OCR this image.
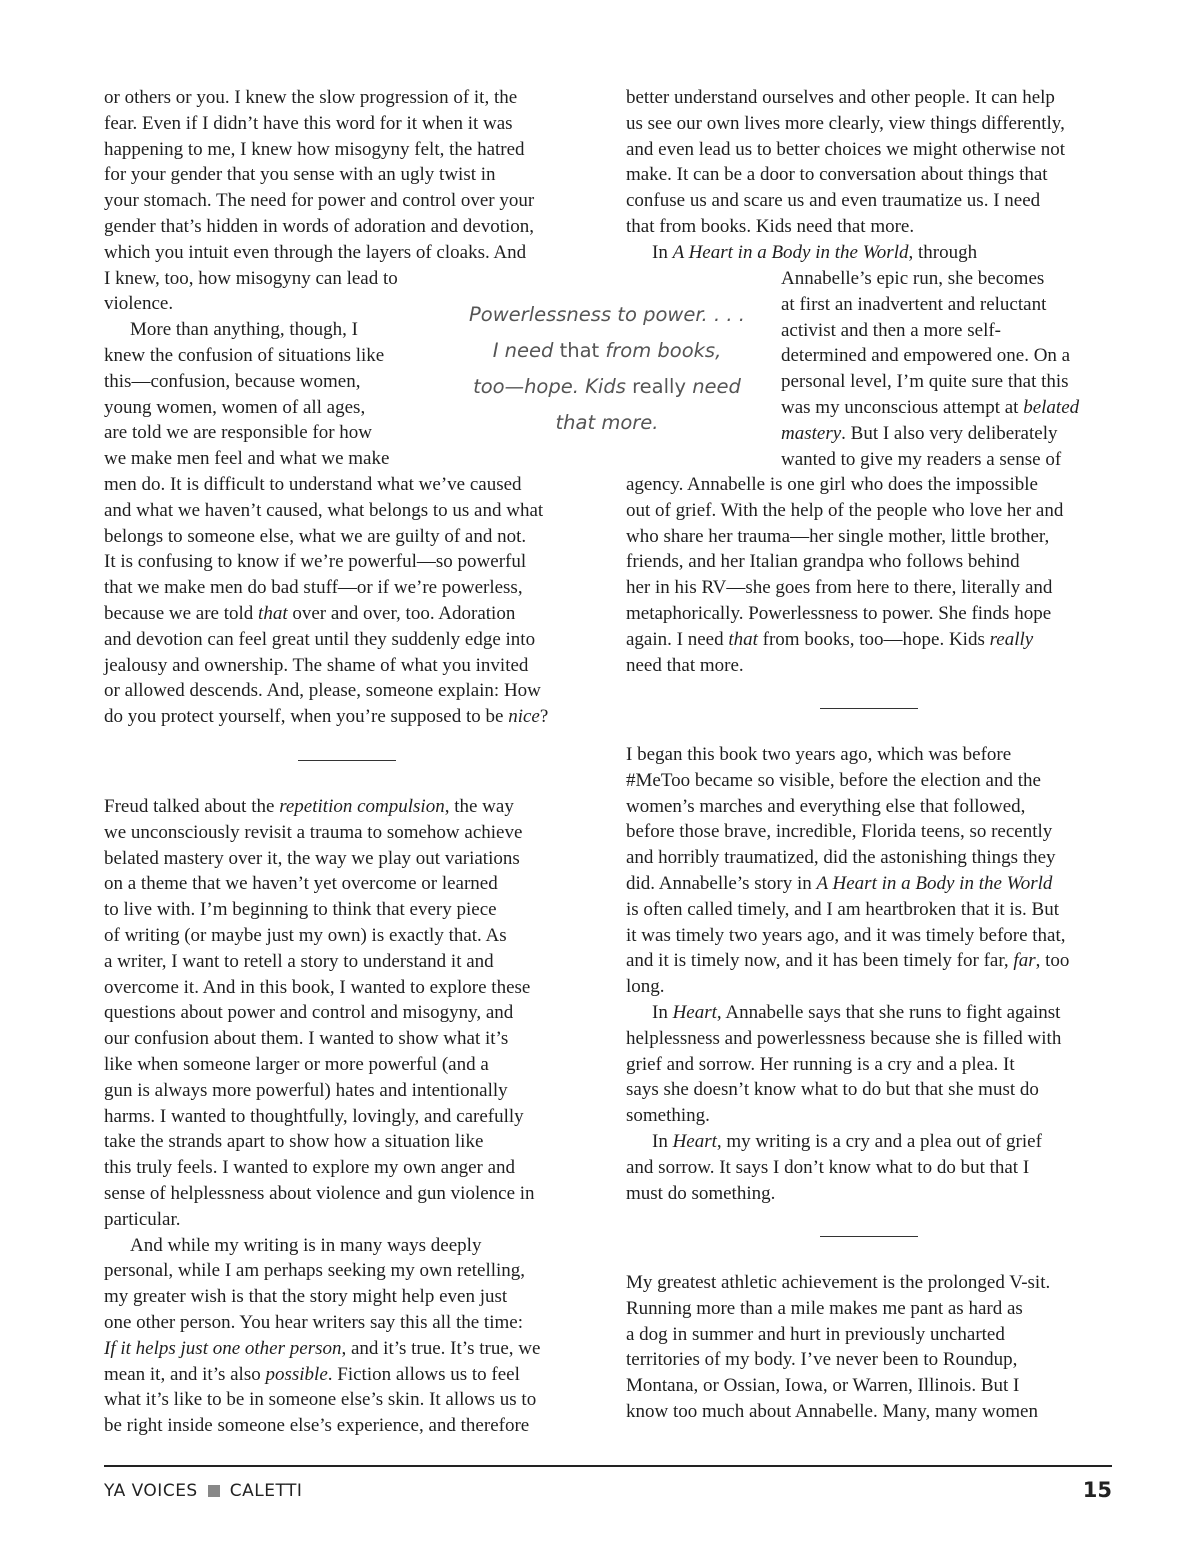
or others or you. I knew the slow progression of it, the
fear. Even if I didn’t have this word for it when it was
happening to me, I knew how misogyny felt, the hatred
for your gender that you sense with an ugly twist in
your stomach. The need for power and control over your
gender that’s hidden in words of adoration and devotion,
which you intuit even through the layers of cloaks. And
I knew, too, how misogyny can lead to
violence.
More than anything, though, I
knew the confusion of situations like
this—confusion, because women,
young women, women of all ages,
are told we are responsible for how
we make men feel and what we make
men do. It is difficult to understand what we’ve caused
and what we haven’t caused, what belongs to us and what
belongs to someone else, what we are guilty of and not.
It is confusing to know if we’re powerful—so powerful
that we make men do bad stuff—or if we’re powerless,
because we are told that over and over, too. Adoration
and devotion can feel great until they suddenly edge into
jealousy and ownership. The shame of what you invited
or allowed descends. And, please, someone explain: How
do you protect yourself, when you’re supposed to be nice?
Freud talked about the repetition compulsion, the way
we unconsciously revisit a trauma to somehow achieve
belated mastery over it, the way we play out variations
on a theme that we haven’t yet overcome or learned
to live with. I’m beginning to think that every piece
of writing (or maybe just my own) is exactly that. As
a writer, I want to retell a story to understand it and
overcome it. And in this book, I wanted to explore these
questions about power and control and misogyny, and
our confusion about them. I wanted to show what it’s
like when someone larger or more powerful (and a
gun is always more powerful) hates and intentionally
harms. I wanted to thoughtfully, lovingly, and carefully
take the strands apart to show how a situation like
this truly feels. I wanted to explore my own anger and
sense of helplessness about violence and gun violence in
particular.
And while my writing is in many ways deeply
personal, while I am perhaps seeking my own retelling,
my greater wish is that the story might help even just
one other person. You hear writers say this all the time:
If it helps just one other person, and it’s true. It’s true, we
mean it, and it’s also possible. Fiction allows us to feel
what it’s like to be in someone else’s skin. It allows us to
be right inside someone else’s experience, and therefore
Powerlessness to power. . . .
I need that from books,
too—hope. Kids really need
that more.
better understand ourselves and other people. It can help
us see our own lives more clearly, view things differently,
and even lead us to better choices we might otherwise not
make. It can be a door to conversation about things that
confuse us and scare us and even traumatize us. I need
that from books. Kids need that more.
In A Heart in a Body in the World, through
Annabelle’s epic run, she becomes
at first an inadvertent and reluctant
activist and then a more self-
determined and empowered one. On a
personal level, I’m quite sure that this
was my unconscious attempt at belated
mastery. But I also very deliberately
wanted to give my readers a sense of
agency. Annabelle is one girl who does the impossible
out of grief. With the help of the people who love her and
who share her trauma—her single mother, little brother,
friends, and her Italian grandpa who follows behind
her in his RV—she goes from here to there, literally and
metaphorically. Powerlessness to power. She finds hope
again. I need that from books, too—hope. Kids really
need that more.
I began this book two years ago, which was before
#MeToo became so visible, before the election and the
women’s marches and everything else that followed,
before those brave, incredible, Florida teens, so recently
and horribly traumatized, did the astonishing things they
did. Annabelle’s story in A Heart in a Body in the World
is often called timely, and I am heartbroken that it is. But
it was timely two years ago, and it was timely before that,
and it is timely now, and it has been timely for far, far, too
long.
In Heart, Annabelle says that she runs to fight against
helplessness and powerlessness because she is filled with
grief and sorrow. Her running is a cry and a plea. It
says she doesn’t know what to do but that she must do
something.
In Heart, my writing is a cry and a plea out of grief
and sorrow. It says I don’t know what to do but that I
must do something.
My greatest athletic achievement is the prolonged V-sit.
Running more than a mile makes me pant as hard as
a dog in summer and hurt in previously uncharted
territories of my body. I’ve never been to Roundup,
Montana, or Ossian, Iowa, or Warren, Illinois. But I
know too much about Annabelle. Many, many women
YA VOICES CALETTI	15
